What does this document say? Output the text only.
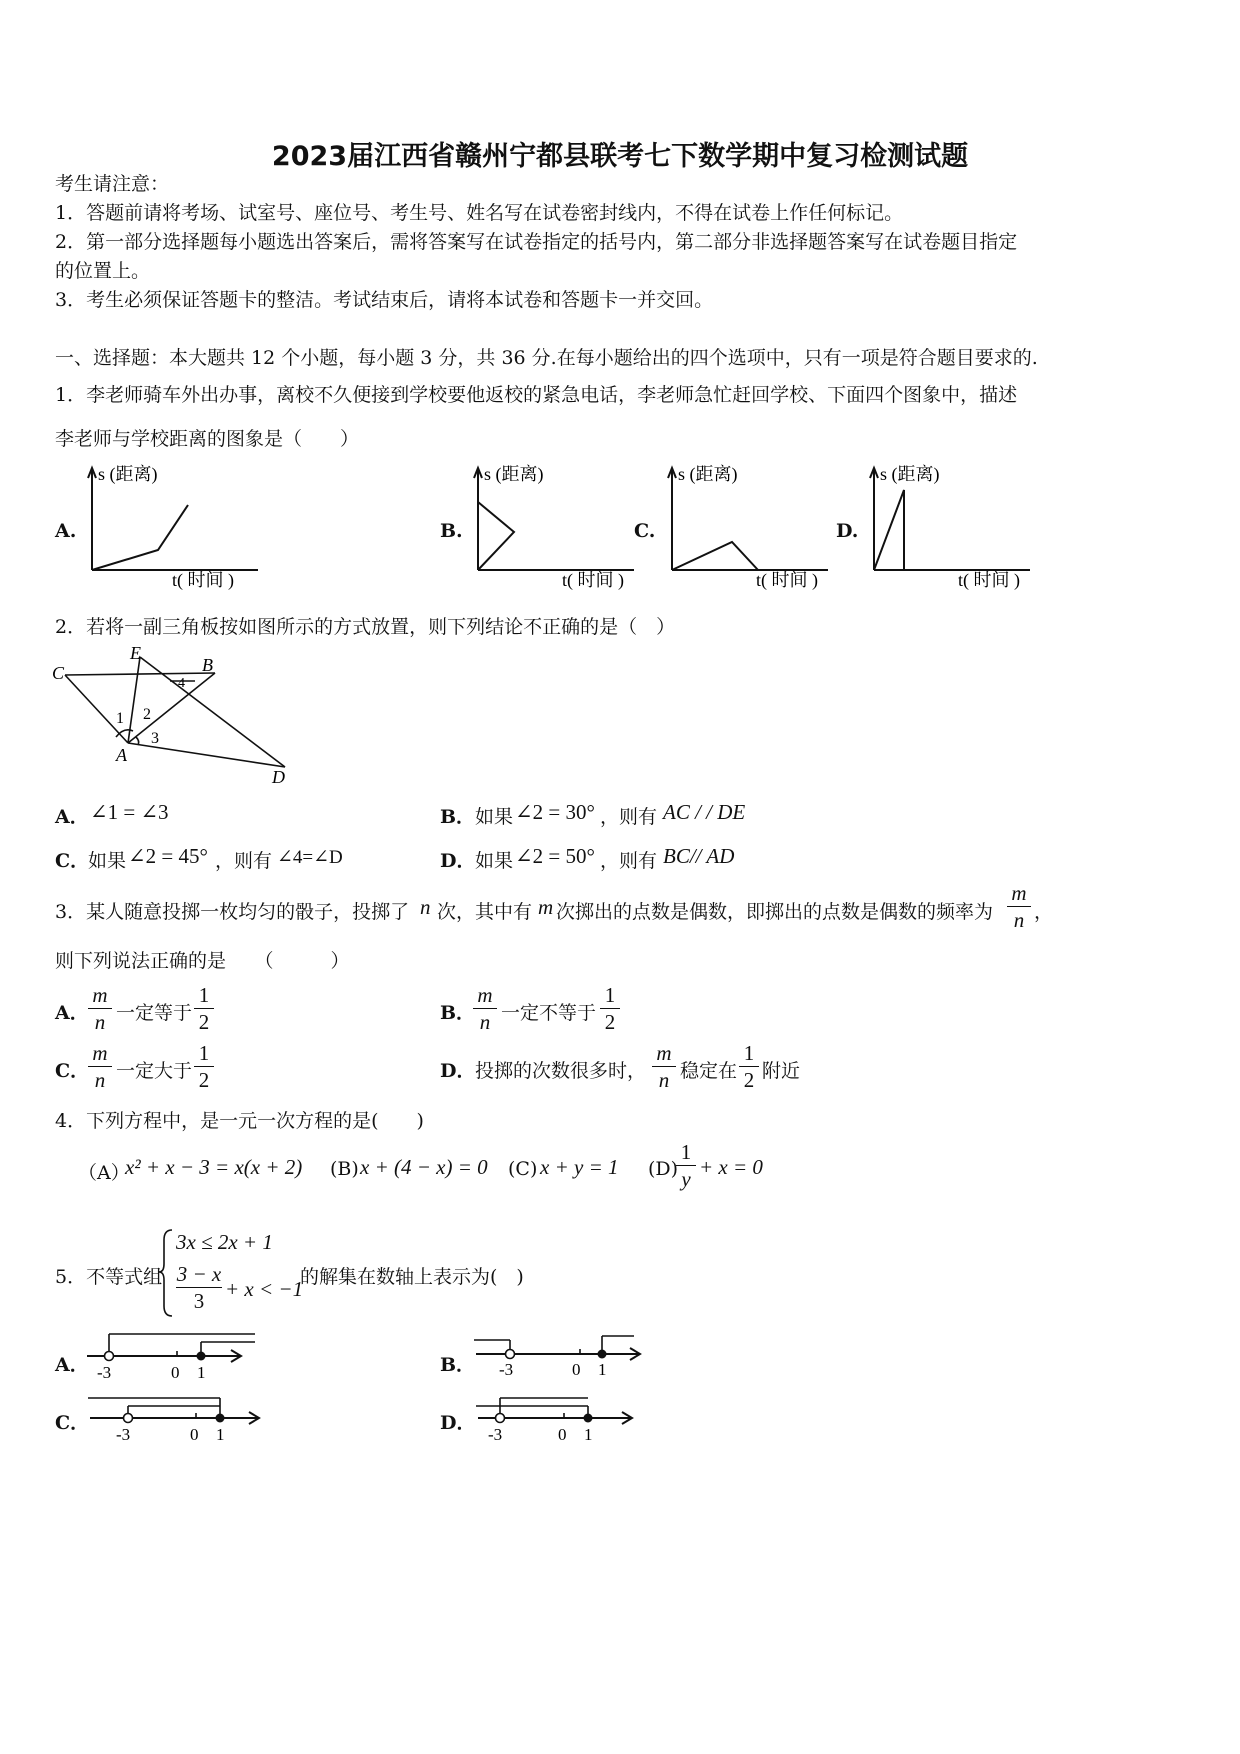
2023届江西省赣州宁都县联考七下数学期中复习检测试题
考生请注意：
1．答题前请将考场、试室号、座位号、考生号、姓名写在试卷密封线内，不得在试卷上作任何标记。
2．第一部分选择题每小题选出答案后，需将答案写在试卷指定的括号内，第二部分非选择题答案写在试卷题目指定
的位置上。
3．考生必须保证答题卡的整洁。考试结束后，请将本试卷和答题卡一并交回。
一、选择题：本大题共 12 个小题，每小题 3 分，共 36 分.在每小题给出的四个选项中，只有一项是符合题目要求的.
1．李老师骑车外出办事，离校不久便接到学校要他返校的紧急电话，李老师急忙赶回学校、下面四个图象中，描述
李老师与学校距离的图象是（　　）
A.	B.	C.	D.
s (距离)
t( 时间 )
s (距离)
t( 时间 )
s (距离)
t( 时间 )
s (距离)
t( 时间 )
2．若将一副三角板按如图所示的方式放置，则下列结论不正确的是（　）
C
E
B
A
D
1 2
3
4
A． ∠1 = ∠3	B． 如果 ∠2 = 30° ，则有 AC / / DE
C．
如果 ∠2 = 45° ，则有 ∠4=∠D	D． 如果 ∠2 = 50° ，则有 BC// AD
3．某人随意投掷一枚均匀的骰子，投掷了 n 次，其中有 m 次掷出的点数是偶数，即掷出的点数是偶数的频率为
m
n ，
则下列说法正确的是　　（　　　）
A．
m
n 一定等于
1
2	B．
m
n 一定不等于
1
2
C．
m
n 一定大于
1
2	D． 投掷的次数很多时，
m
n 稳定在
1
2 附近
4．下列方程中，是一元一次方程的是(　　)
（A）
x² + x − 3 = x(x + 2) (B) x + (4 − x) = 0 (C) x + y = 1 (D)
1
y + x = 0
5．不等式组
3x ≤ 2x + 1
3 − x
3 + x < −1
的解集在数轴上表示为(　)
A．	B．
C．	D．
-3	0 1	-3	0 1
-3	0 1	-3	0 1
